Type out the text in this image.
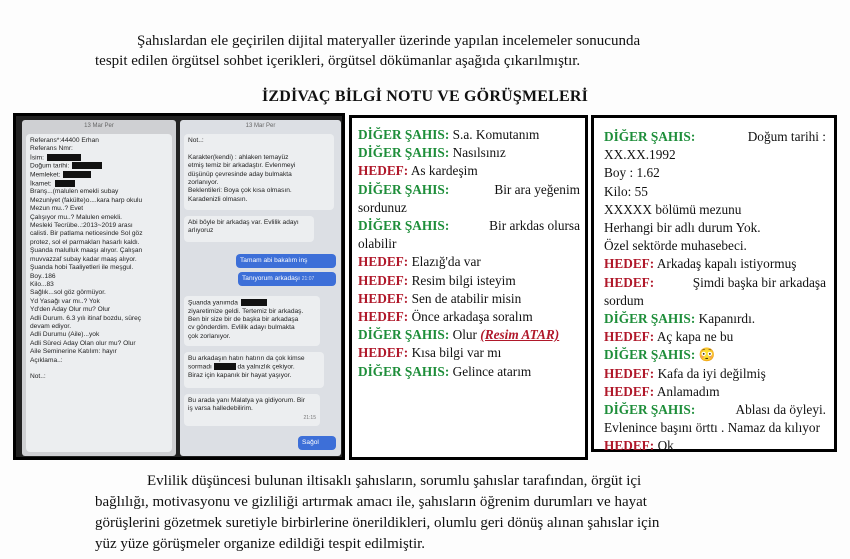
Şahıslardan ele geçirilen dijital materyaller üzerinde yapılan incelemeler sonucunda
tespit edilen örgütsel sohbet içerikleri, örgütsel dökümanlar aşağıda çıkarılmıştır.
İZDİVAÇ BİLGİ NOTU VE GÖRÜŞMELERİ
13 Mar Per
Referans*:44400 Erhan
Referans Nmr:
İsim:
Doğum tarihi:
Memleket:
İkamet:
Branş...(malulen emekli subay
Mezuniyet (fakülte)o....kara harp okulu
Mezun mu..? Evet
Çalışıyor mu..? Malulen emekli.
Mesleki Tecrübe..:2013~2019 arası
calisti. Bir patlama neticesinde Sol göz
protez, sol el parmakları hasarlı kaldı.
Şuanda malulluk maaşı alıyor. Çalışan
muvvazzaf subay kadar maaş alıyor.
Şuanda hobi Taaliyetleri ile meşgul.
Boy..186
Kilo...83
Sağlık...sol göz görmüyor.
Yd Yasağı var mı..? Yok
Yd'den Aday Olur mu? Olur
Adli Durum. 6.3 yılı itinaf bozdu, süreç
devam ediyor.
Adli Durumu (Aile)...yok
Adli Süreci Aday Olan olur mu? Olur
Aile Seminerine Katılım: hayır
Açıklama..:

Not..:
13 Mar Per
Not..:

Karakter(kendi) : ahlaken temayüz
etmiş temiz bir arkadaştır. Evlenmeyi
düşünüp çevresinde aday bulmakta
zorlanıyor.
Beklentileri: Boya çok kısa olmasın.
Karadenizli olmasın.
Abi böyle bir arkadaş var. Evlilik adayı
arlıyoruz
Tamam abi bakalım inş
Tanıyorum arkadaşı 21:07
Şuanda yanımda
ziyaretimize geldi. Tertemiz bir arkadaş.
Ben bir size bir de başka bir arkadaşa
cv gönderdim. Evlilik adayı bulmakta
çok zorlanıyor.
Bu arkadaşın hatırı hatırın da çok kimse
sormadı	da yalnızlık çekiyor.
Biraz için kapanık bir hayat yaşıyor.
Bu arada yanı Malatya ya gidiyorum. Bir
iş varsa halledebilirim.
21:15
Sağol
DİĞER ŞAHIS: S.a. Komutanım
DİĞER ŞAHIS: Nasılsınız
HEDEF: As kardeşim
DİĞER ŞAHIS:	Bir ara yeğenim
sordunuz
DİĞER ŞAHIS:	Bir arkdas olursa
olabilir
HEDEF: Elazığ'da var
HEDEF: Resim bilgi isteyim
HEDEF: Sen de atabilir misin
HEDEF: Önce arkadaşa soralım
DİĞER ŞAHIS: Olur (Resim ATAR)
HEDEF: Kısa bilgi var mı
DİĞER ŞAHIS: Gelince atarım
DİĞER ŞAHIS:	Doğum tarihi :
XX.XX.1992
Boy : 1.62
Kilo: 55
XXXXX bölümü mezunu
Herhangi bir adlı durum Yok.
Özel sektörde muhasebeci.
HEDEF: Arkadaş kapalı istiyormuş
HEDEF:	Şimdi başka bir arkadaşa
sordum
DİĞER ŞAHIS: Kapanırdı.
HEDEF: Aç kapa ne bu
DİĞER ŞAHIS: 😳
HEDEF: Kafa da iyi değilmiş
HEDEF: Anlamadım
DİĞER ŞAHIS:	Ablası da öyleyi.
Evlenince başını örttı . Namaz da kılıyor
HEDEF: Ok
Evlilik düşüncesi bulunan iltisaklı şahısların, sorumlu şahıslar tarafından, örgüt içi
bağlılığı, motivasyonu ve gizliliği artırmak amacı ile, şahısların öğrenim durumları ve hayat
görüşlerini gözetmek suretiyle birbirlerine önerildikleri, olumlu geri dönüş alınan şahıslar için
yüz yüze görüşmeler organize edildiği tespit edilmiştir.
